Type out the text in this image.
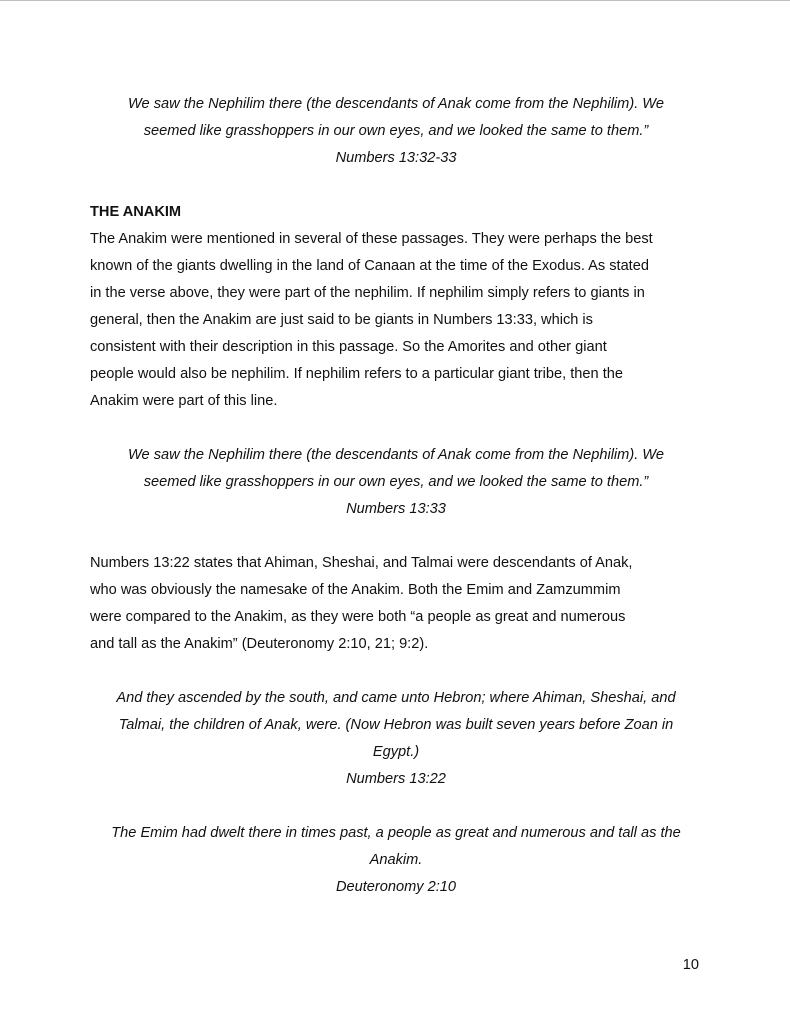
We saw the Nephilim there (the descendants of Anak come from the Nephilim). We
seemed like grasshoppers in our own eyes, and we looked the same to them.”
Numbers 13:32-33

THE ANAKIM

The Anakim were mentioned in several of these passages. They were perhaps the best
known of the giants dwelling in the land of Canaan at the time of the Exodus. As stated
in the verse above, they were part of the nephilim. If nephilim simply refers to giants in
general, then the Anakim are just said to be giants in Numbers 13:33, which is
consistent with their description in this passage. So the Amorites and other giant
people would also be nephilim. If nephilim refers to a particular giant tribe, then the
Anakim were part of this line.
We saw the Nephilim there (the descendants of Anak come from the Nephilim). We
seemed like grasshoppers in our own eyes, and we looked the same to them.”
Numbers 13:33
Numbers 13:22 states that Ahiman, Sheshai, and Talmai were descendants of Anak,
who was obviously the namesake of the Anakim. Both the Emim and Zamzummim
were compared to the Anakim, as they were both “a people as great and numerous
and tall as the Anakim” (Deuteronomy 2:10, 21; 9:2).
And they ascended by the south, and came unto Hebron; where Ahiman, Sheshai, and
Talmai, the children of Anak, were. (Now Hebron was built seven years before Zoan in
Egypt.)
Numbers 13:22
The Emim had dwelt there in times past, a people as great and numerous and tall as the
Anakim.
Deuteronomy 2:10
10
